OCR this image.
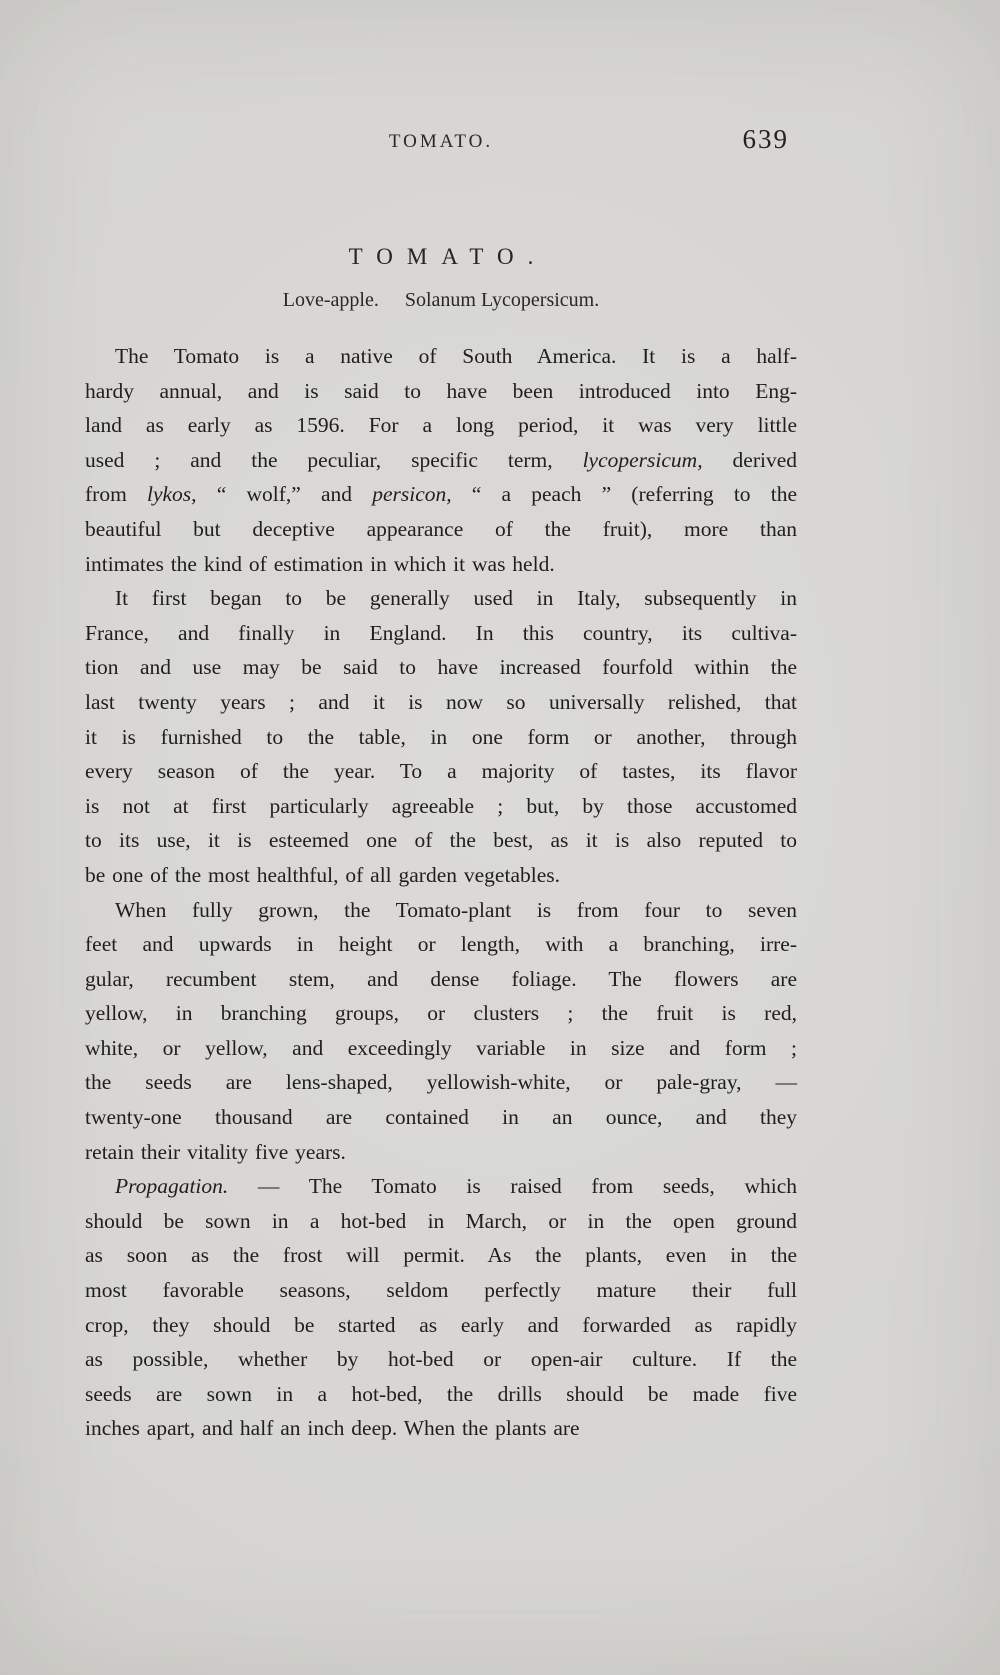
TOMATO.	639
TOMATO.
Love-apple. Solanum Lycopersicum.
The Tomato is a native of South America. It is a half-
hardy annual, and is said to have been introduced into Eng-
land as early as 1596. For a long period, it was very little
used ; and the peculiar, specific term, lycopersicum, derived
from lykos, “ wolf,” and persicon, “ a peach ” (referring to the
beautiful but deceptive appearance of the fruit), more than
intimates the kind of estimation in which it was held.
It first began to be generally used in Italy, subsequently in
France, and finally in England. In this country, its cultiva-
tion and use may be said to have increased fourfold within the
last twenty years ; and it is now so universally relished, that
it is furnished to the table, in one form or another, through
every season of the year. To a majority of tastes, its flavor
is not at first particularly agreeable ; but, by those accustomed
to its use, it is esteemed one of the best, as it is also reputed to
be one of the most healthful, of all garden vegetables.
When fully grown, the Tomato-plant is from four to seven
feet and upwards in height or length, with a branching, irre-
gular, recumbent stem, and dense foliage. The flowers are
yellow, in branching groups, or clusters ; the fruit is red,
white, or yellow, and exceedingly variable in size and form ;
the seeds are lens-shaped, yellowish-white, or pale-gray, —
twenty-one thousand are contained in an ounce, and they
retain their vitality five years.
Propagation. — The Tomato is raised from seeds, which
should be sown in a hot-bed in March, or in the open ground
as soon as the frost will permit. As the plants, even in the
most favorable seasons, seldom perfectly mature their full
crop, they should be started as early and forwarded as rapidly
as possible, whether by hot-bed or open-air culture. If the
seeds are sown in a hot-bed, the drills should be made five
inches apart, and half an inch deep. When the plants are
